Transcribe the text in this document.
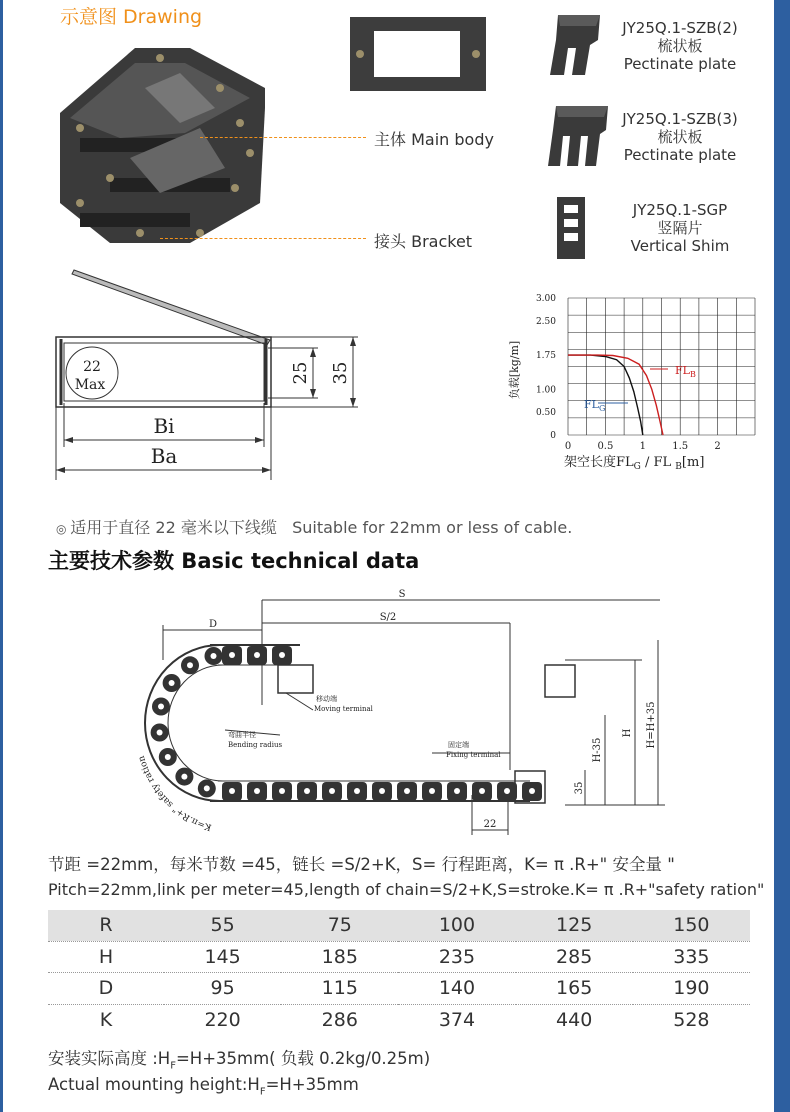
示意图 Drawing
主体 Main body
接头 Bracket
JY25Q.1-SZB(2)
梳状板
Pectinate plate
JY25Q.1-SZB(3)
梳状板
Pectinate plate
JY25Q.1-SGP
竖隔片
Vertical Shim
22
Max
25 35
Bi
Ba
3.00
2.50
1.75
1.00
0.50
0
0	0.5	1	1.5	2
负载[kg/m]
架空长度$FL_G$ / FL $_B$[m]
$FL_B$
$FL_G$
◎ 适用于直径 22 毫米以下线缆 Suitable for 22mm or less of cable.
主要技术参数 Basic technical data
S
S/2
D
移动端
Moving terminal
弯曲半径
Bending radius	固定端
Fixing terminal
K=π.R+" safety ration	H-35
H H=H+35
35
22
节距 =22mm，每米节数 =45，链长 =S/2+K，S= 行程距离，K= π .R+" 安全量 "
Pitch=22mm,link per meter=45,length of chain=S/2+K,S=stroke.K= π .R+"safety ration"
R	55	75	100	125	150
H	145	185	235	285	335
D	95	115	140	165	190
K	220	286	374	440	528
安装实际高度 $:H_F=H+35mm$( 负载 0.2kg/0.25m)
Actual mounting $height:H_F=H+35mm$
